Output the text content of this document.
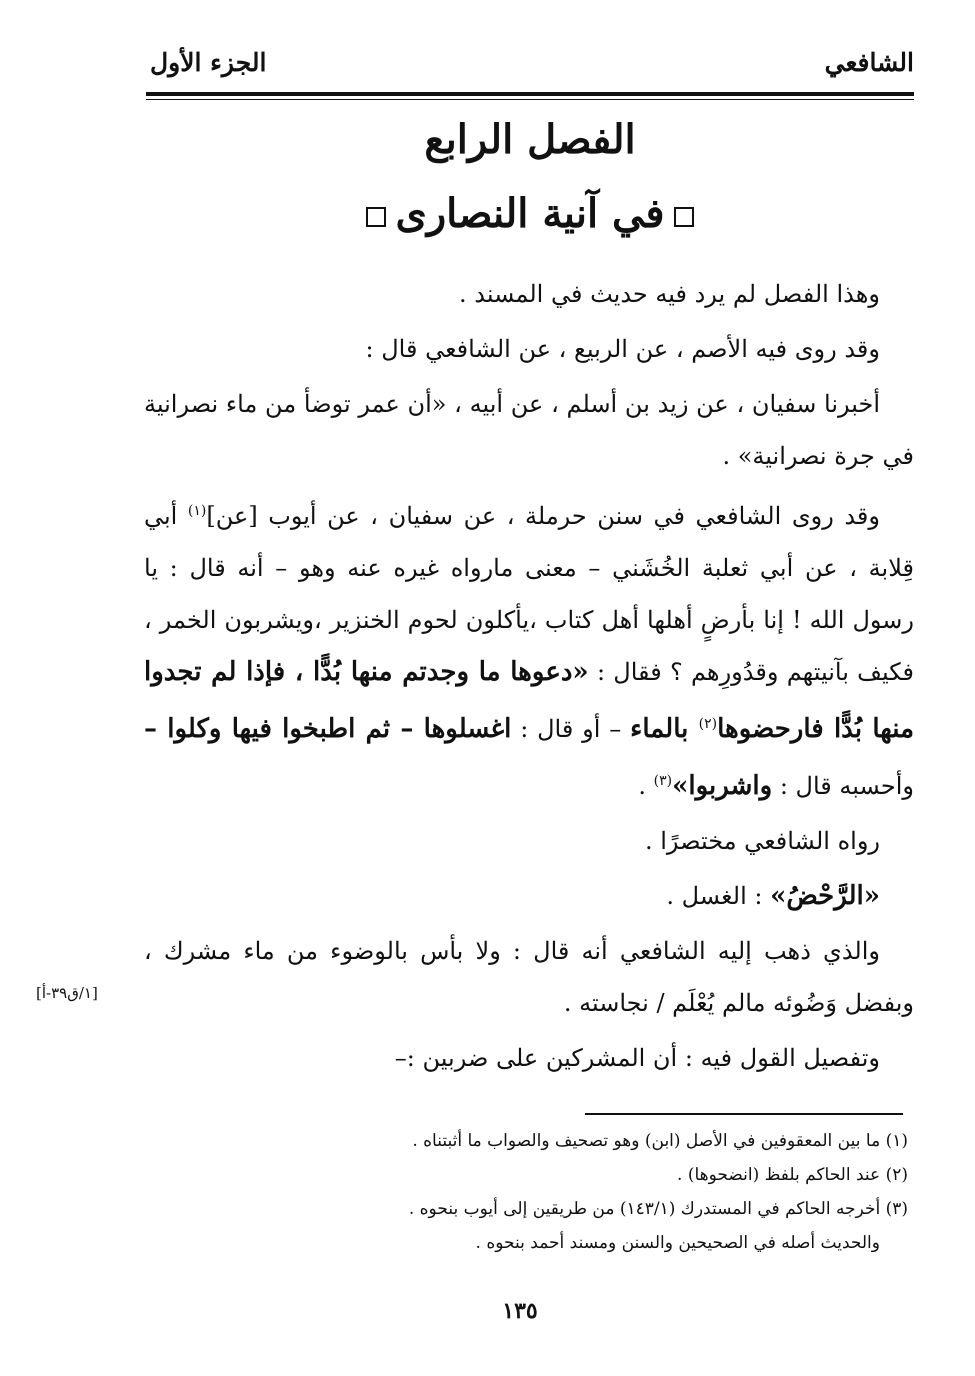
الشافعي
الجزء الأول
الفصل الرابع
في آنية النصارى

وهذا الفصل لم يرد فيه حديث في المسند .

وقد روى فيه الأصم ، عن الربيع ، عن الشافعي قال :

أخبرنا سفيان ، عن زيد بن أسلم ، عن أبيه ، «أن عمر توضأ من ماء نصرانية في جرة نصرانية» .

وقد روى الشافعي في سنن حرملة ، عن سفيان ، عن أيوب [عن]$^{(١)}$ أبي قِلابة ، عن أبي ثعلبة الخُشَني – معنى مارواه غيره عنه وهو – أنه قال : يا رسول الله ! إنا بأرضٍ أهلها أهل كتاب ،يأكلون لحوم الخنزير ،ويشربون الخمر ، فكيف بآنيتهم وقدُورِهم ؟ فقال : «دعوها ما وجدتم منها بُدًّا ، فإذا لم تجدوا منها بُدًّا فارحضوها$^{(٢)}$ بالماء – أو قال : اغسلوها – ثم اطبخوا فيها وكلوا – وأحسبه قال : واشربوا»$^{(٣)}$ .

رواه الشافعي مختصرًا .

«الرَّحْضُ» : الغسل .

والذي ذهب إليه الشافعي أنه قال : ولا بأس بالوضوء من ماء مشرك ، وبفضل وَضُوئه مالم يُعْلَم / نجاسته .

وتفصيل القول فيه : أن المشركين على ضربين :–

[١/ق٣٩-أ]

(١) ما بين المعقوفين في الأصل (ابن) وهو تصحيف والصواب ما أثبتناه .

(٢) عند الحاكم بلفظ (انضحوها) .

(٣) أخرجه الحاكم في المستدرك (١٤٣/١) من طريقين إلى أيوب بنحوه .

والحديث أصله في الصحيحين والسنن ومسند أحمد بنحوه .

١٣٥
